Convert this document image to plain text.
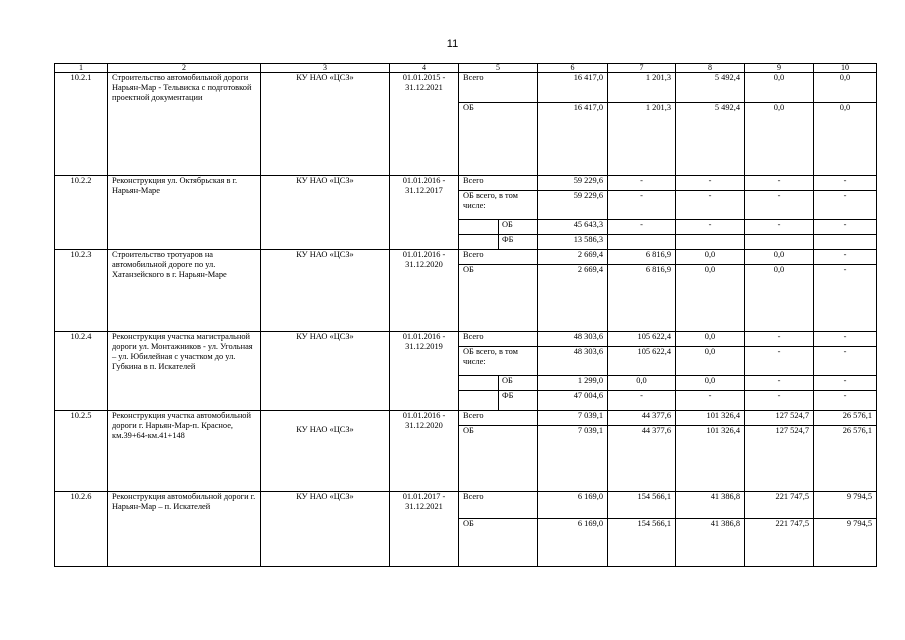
11
1	2	3	4	5		6	7	8	9	10
10.2.1	Строительство автомобильной дороги Нарьян-Мар - Тельвиска с подготовкой проектной документации	КУ НАО «ЦСЗ»	01.01.2015 - 31.12.2021	Всего		16 417,0	1 201,3	5 492,4	0,0	0,0
				ОБ		16 417,0	1 201,3	5 492,4	0,0	0,0
10.2.2	Реконструкция ул. Октябрьская в г. Нарьян-Маре	КУ НАО «ЦСЗ»	01.01.2016 - 31.12.2017	Всего		59 229,6	-	-	-	-
				ОБ всего, в том числе:		59 229,6	-	-	-	-
					ОБ	45 643,3	-	-	-	-
					ФБ	13 586,3				
10.2.3	Строительство тротуаров на автомобильной дороге по ул. Хатанзейского в г. Нарьян-Маре	КУ НАО «ЦСЗ»	01.01.2016 - 31.12.2020	Всего		2 669,4	6 816,9	0,0	0,0	-
				ОБ		2 669,4	6 816,9	0,0	0,0	-
10.2.4	Реконструкция участка магистральной дороги ул. Монтажников - ул. Угольная – ул. Юбилейная с участком до ул. Губкина в п. Искателей	КУ НАО «ЦСЗ»	01.01.2016 - 31.12.2019	Всего		48 303,6	105 622,4	0,0	-	-
				ОБ всего, в том числе:		48 303,6	105 622,4	0,0	-	-
					ОБ	1 299,0	0,0	0,0	-	-
					ФБ	47 004,6	-	-	-	-
10.2.5	Реконструкция участка автомобильной дороги г. Нарьян-Мар-п. Красное, км.39+64-км.41+148	КУ НАО «ЦСЗ»	01.01.2016 - 31.12.2020	Всего		7 039,1	44 377,6	101 326,4	127 524,7	26 576,1
				ОБ		7 039,1	44 377,6	101 326,4	127 524,7	26 576,1
10.2.6	Реконструкция автомобильной дороги г. Нарьян-Мар – п. Искателей	КУ НАО «ЦСЗ»	01.01.2017 - 31.12.2021	Всего		6 169,0	154 566,1	41 386,8	221 747,5	9 794,5
				ОБ		6 169,0	154 566,1	41 386,8	221 747,5	9 794,5
